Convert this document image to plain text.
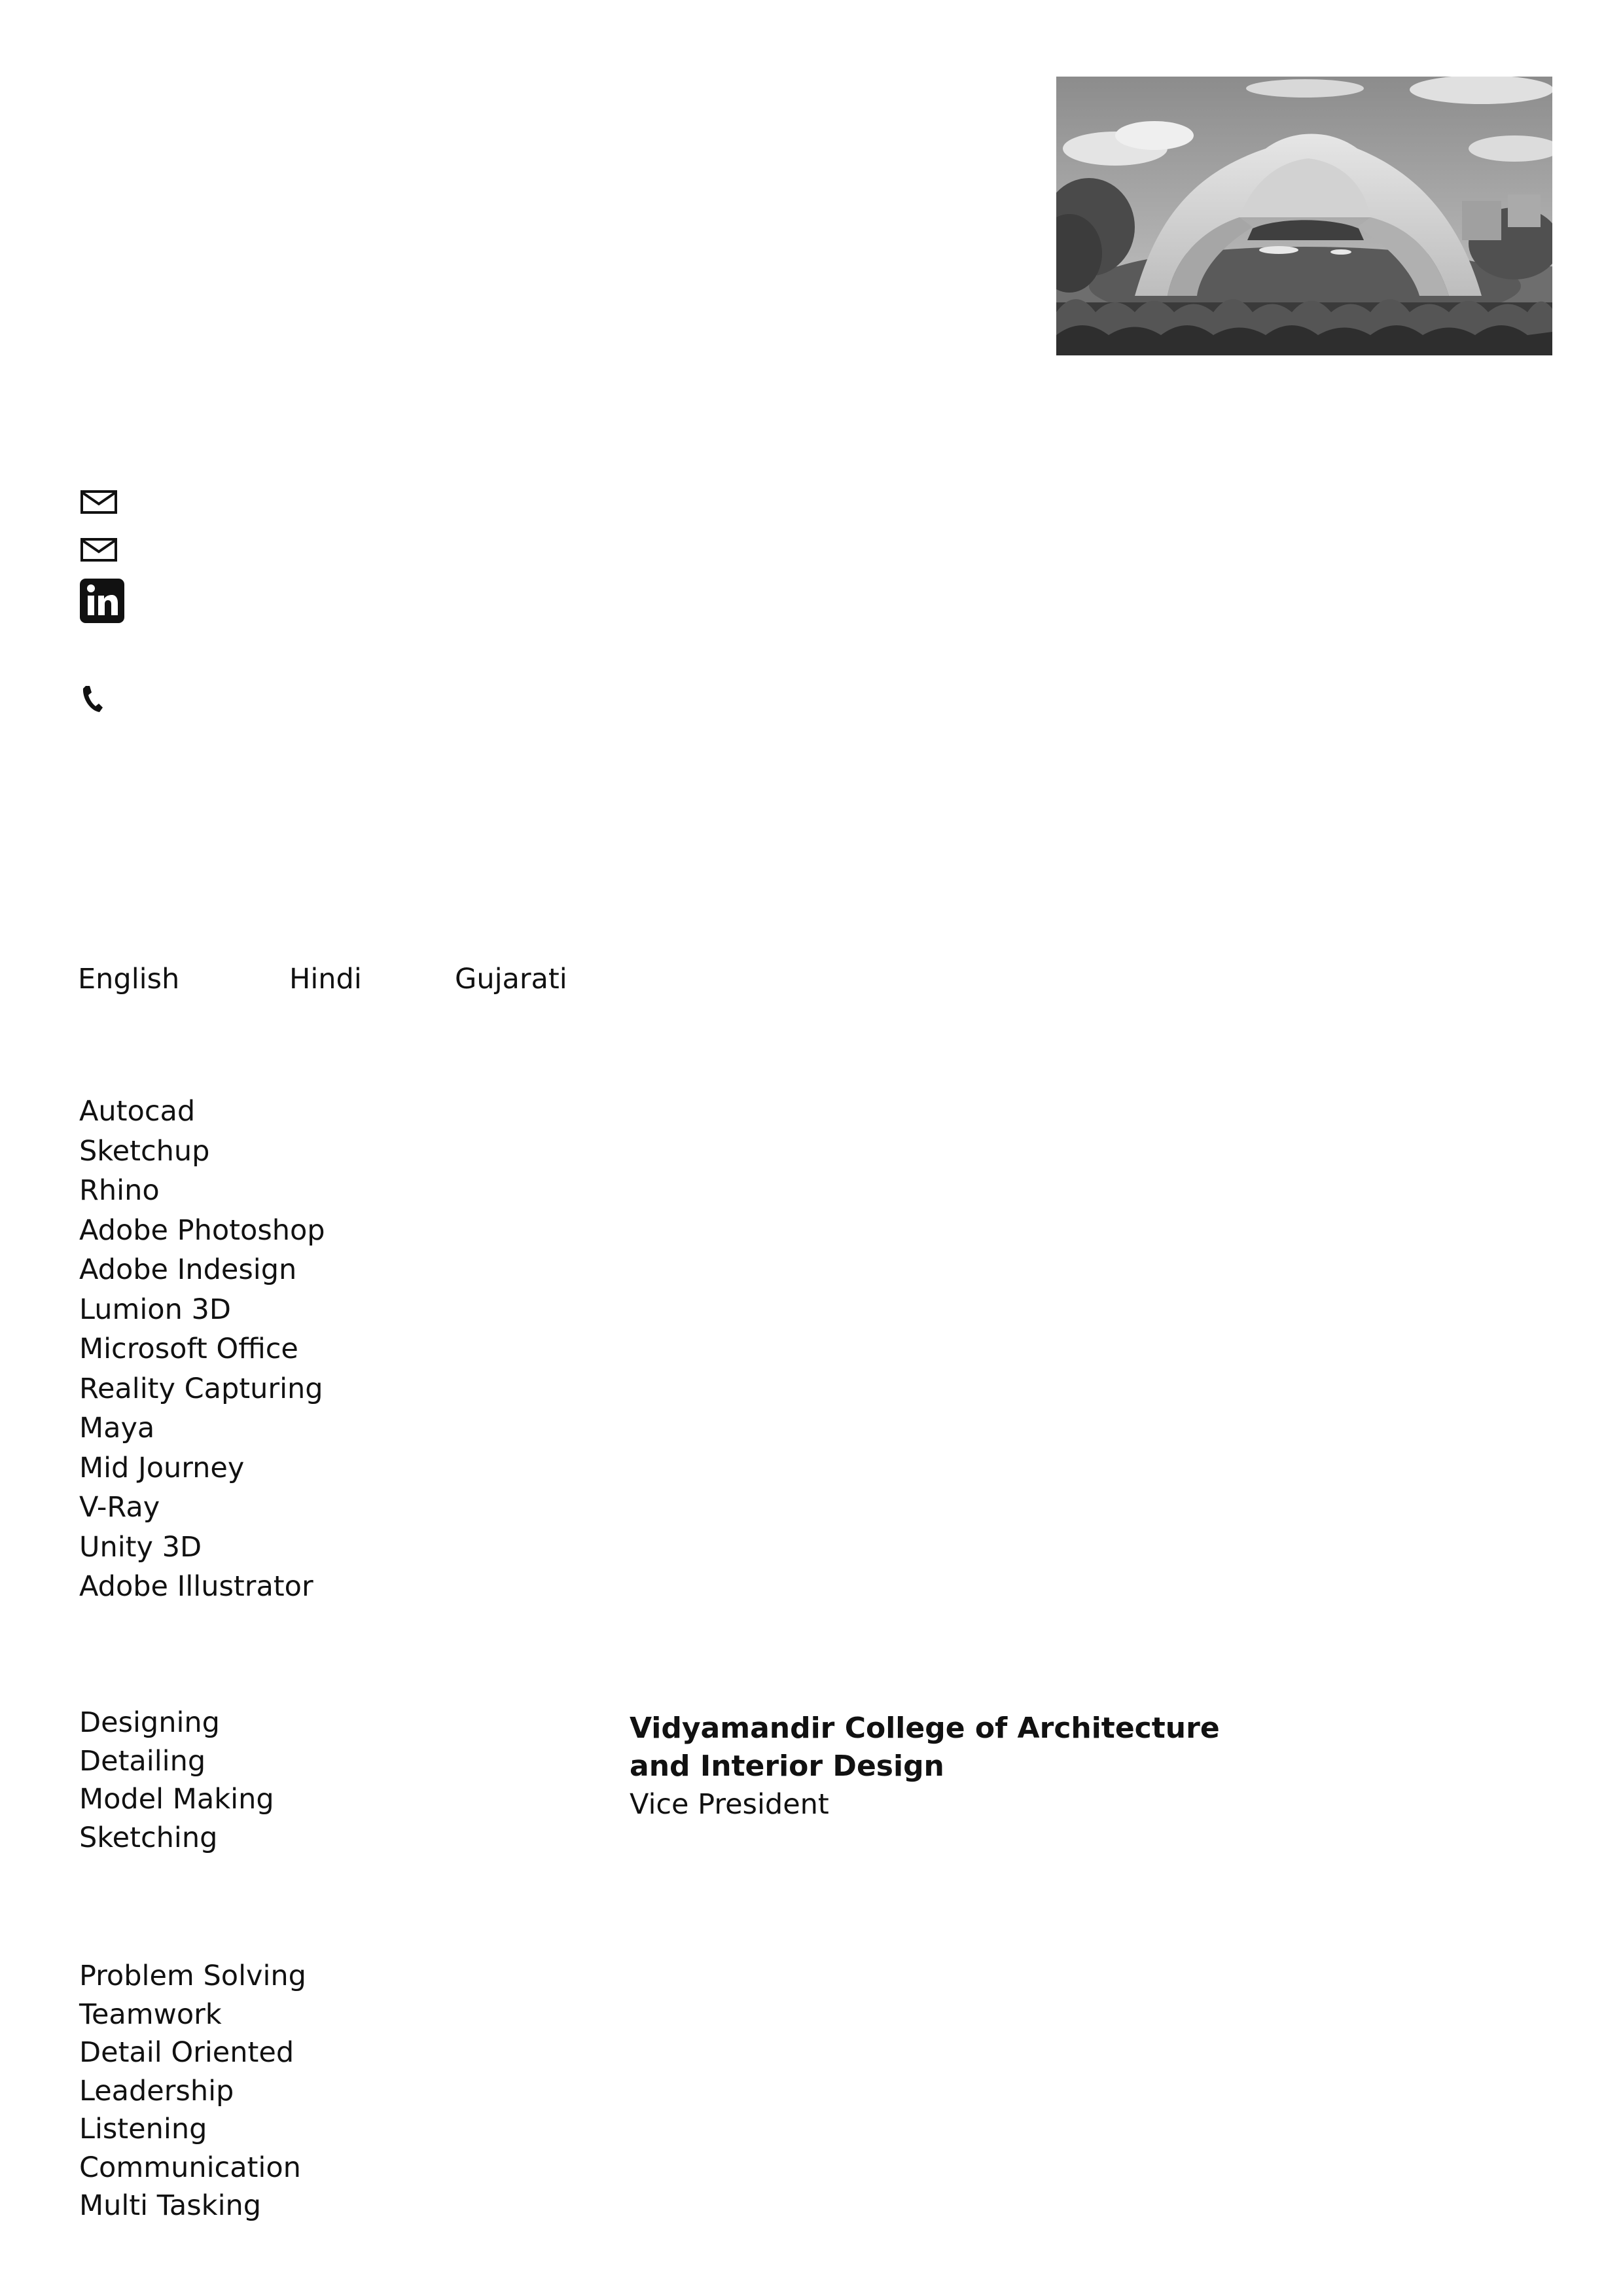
English	Hindi	Gujarati
Autocad
Sketchup
Rhino
Adobe Photoshop
Adobe Indesign
Lumion 3D
Microsoft Office
Reality Capturing
Maya
Mid Journey
V-Ray
Unity 3D
Adobe Illustrator
Designing
Detailing
Model Making
Sketching
Vidyamandir College of Architecture
and Interior Design
Vice President
Problem Solving
Teamwork
Detail Oriented
Leadership
Listening
Communication
Multi Tasking
